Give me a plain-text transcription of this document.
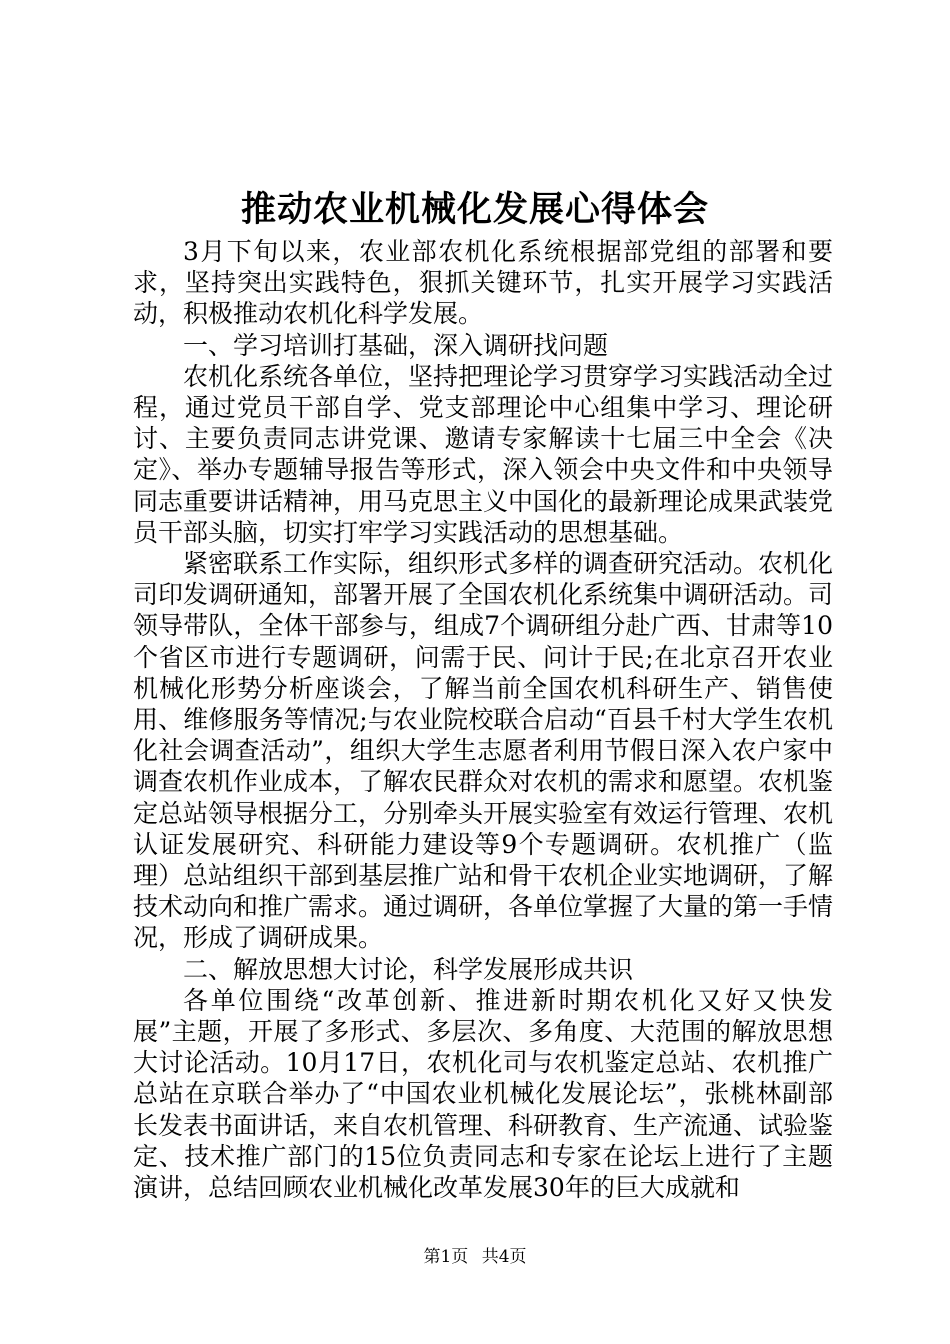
推动农业机械化发展心得体会

3月下旬以来，农业部农机化系统根据部党组的部署和要求，坚持突出实践特色，狠抓关键环节，扎实开展学习实践活动，积极推动农机化科学发展。

一、学习培训打基础，深入调研找问题

农机化系统各单位，坚持把理论学习贯穿学习实践活动全过程，通过党员干部自学、党支部理论中心组集中学习、理论研讨、主要负责同志讲党课、邀请专家解读十七届三中全会《决定》、举办专题辅导报告等形式，深入领会中央文件和中央领导同志重要讲话精神，用马克思主义中国化的最新理论成果武装党员干部头脑，切实打牢学习实践活动的思想基础。

紧密联系工作实际，组织形式多样的调查研究活动。农机化司印发调研通知，部署开展了全国农机化系统集中调研活动。司领导带队，全体干部参与，组成7个调研组分赴广西、甘肃等10个省区市进行专题调研，问需于民、问计于民;在北京召开农业机械化形势分析座谈会，了解当前全国农机科研生产、销售使用、维修服务等情况;与农业院校联合启动“百县千村大学生农机化社会调查活动”，组织大学生志愿者利用节假日深入农户家中调查农机作业成本，了解农民群众对农机的需求和愿望。农机鉴定总站领导根据分工，分别牵头开展实验室有效运行管理、农机认证发展研究、科研能力建设等9个专题调研。农机推广（监理）总站组织干部到基层推广站和骨干农机企业实地调研，了解技术动向和推广需求。通过调研，各单位掌握了大量的第一手情况，形成了调研成果。

二、解放思想大讨论，科学发展形成共识

各单位围绕“改革创新、推进新时期农机化又好又快发展”主题，开展了多形式、多层次、多角度、大范围的解放思想大讨论活动。10月17日，农机化司与农机鉴定总站、农机推广总站在京联合举办了“中国农业机械化发展论坛”，张桃林副部长发表书面讲话，来自农机管理、科研教育、生产流通、试验鉴定、技术推广部门的15位负责同志和专家在论坛上进行了主题演讲，总结回顾农业机械化改革发展30年的巨大成就和

第1页 共4页
